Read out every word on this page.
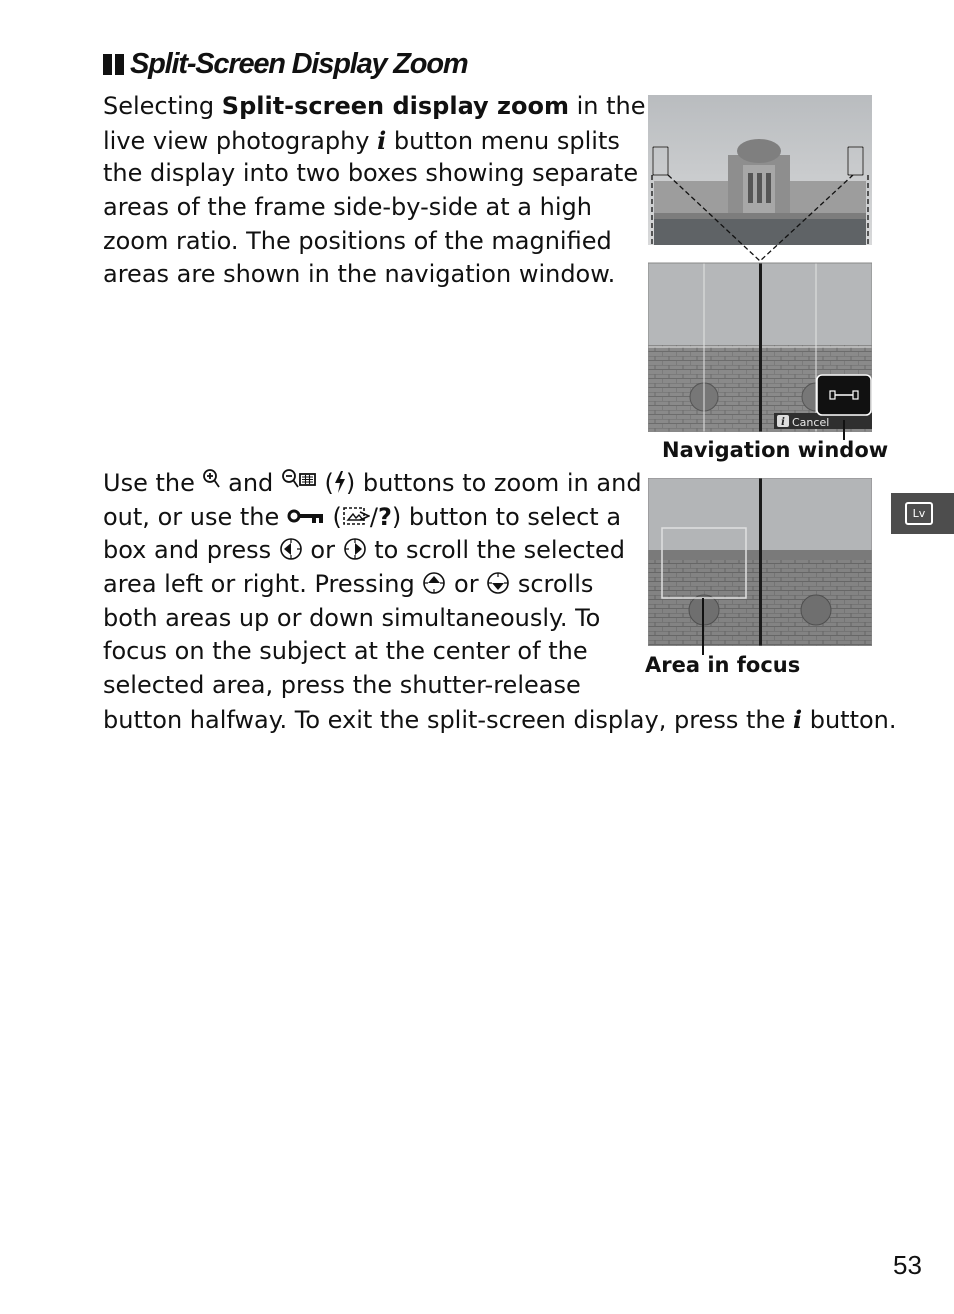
Split-Screen Display Zoom
Selecting Split-screen display zoom in the
live view photography i button menu splits
the display into two boxes showing separate
areas of the frame side-by-side at a high
zoom ratio. The positions of the magnified
areas are shown in the navigation window.
i Cancel
Navigation window
Use the  and  ( ) buttons to zoom in and
out, or use the  ( /?) button to select a
box and press  or  to scroll the selected
area left or right. Pressing  or  scrolls
both areas up or down simultaneously. To
focus on the subject at the center of the
selected area, press the shutter-release
button halfway. To exit the split-screen display, press the i button.
Area in focus
Lv
53
